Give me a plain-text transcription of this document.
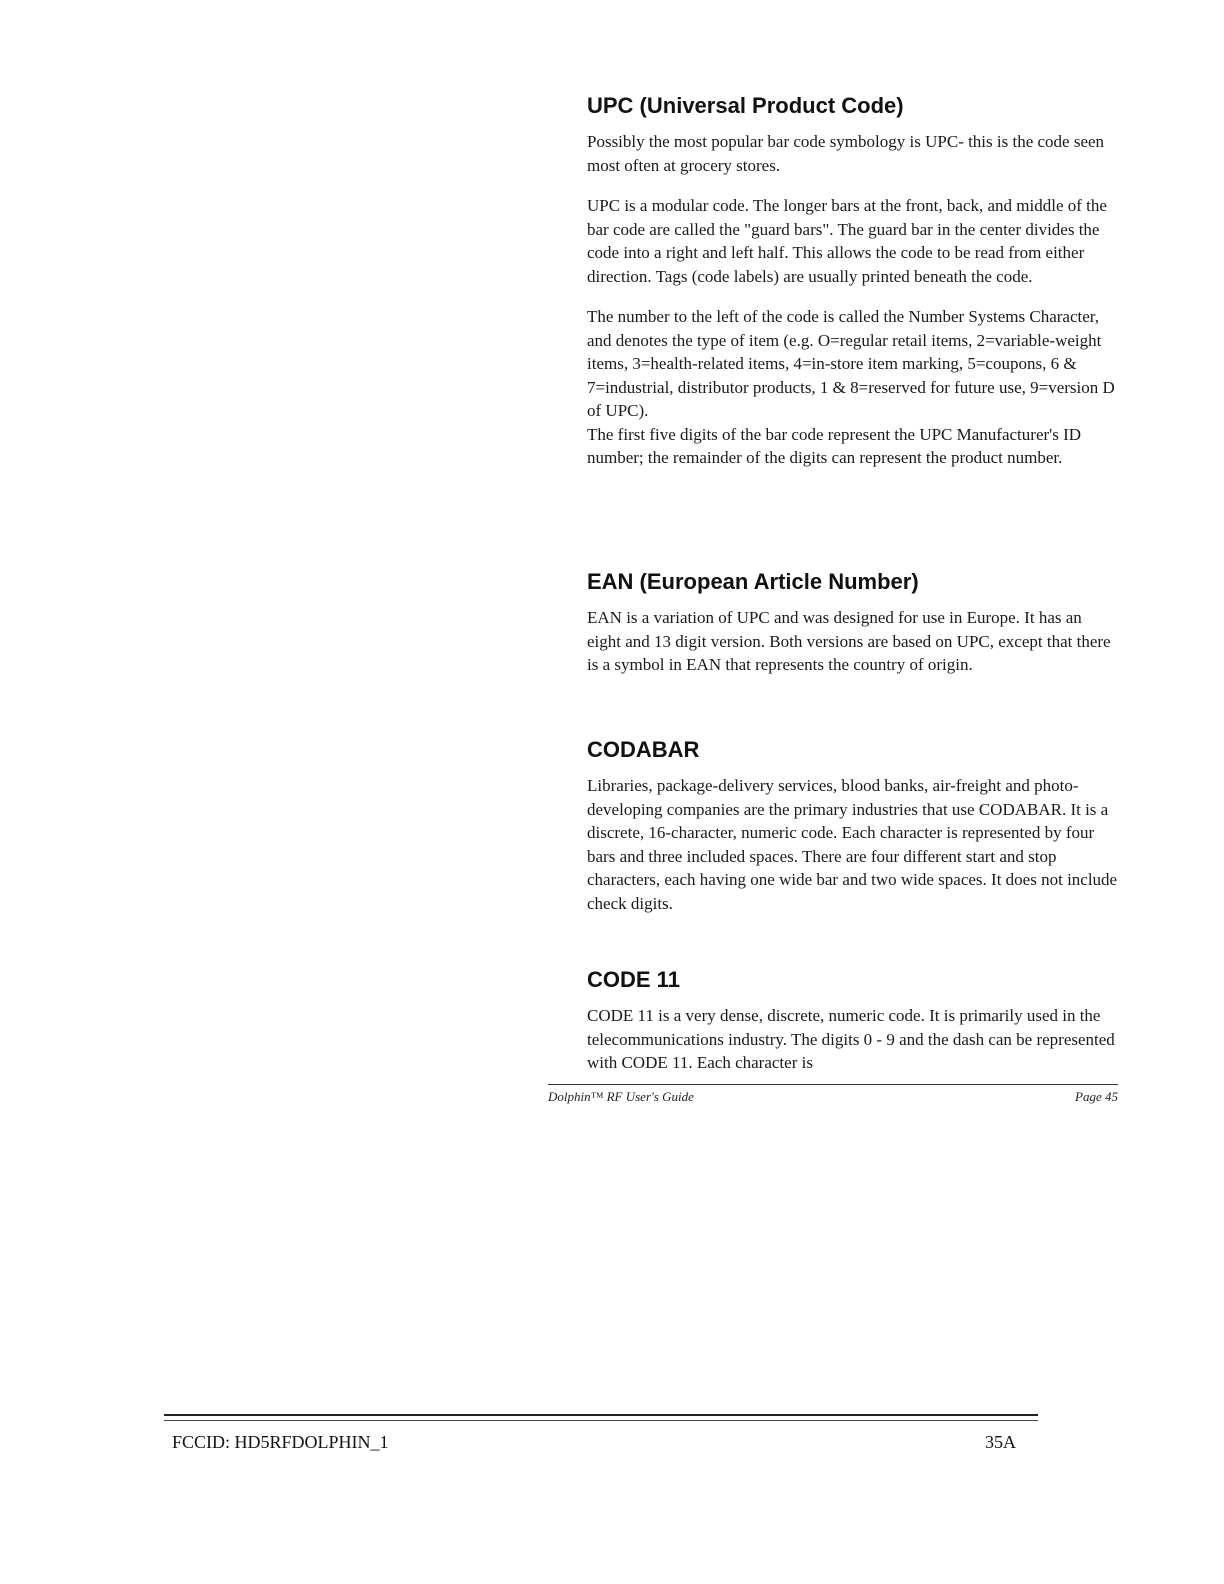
UPC (Universal Product Code)

Possibly the most popular bar code symbology is UPC- this is the code seen most often at grocery stores.

UPC is a modular code. The longer bars at the front, back, and middle of the bar code are called the "guard bars". The guard bar in the center divides the code into a right and left half. This allows the code to be read from either direction. Tags (code labels) are usually printed beneath the code.

The number to the left of the code is called the Number Systems Character, and denotes the type of item (e.g. O=regular retail items, 2=variable-weight items, 3=health-related items, 4=in-store item marking, 5=coupons, 6 & 7=industrial, distributor products, 1 & 8=reserved for future use, 9=version D of UPC).

The first five digits of the bar code represent the UPC Manufacturer's ID number; the remainder of the digits can represent the product number.

EAN (European Article Number)

EAN is a variation of UPC and was designed for use in Europe. It has an eight and 13 digit version. Both versions are based on UPC, except that there is a symbol in EAN that represents the country of origin.

CODABAR

Libraries, package-delivery services, blood banks, air-freight and photo-developing companies are the primary industries that use CODABAR. It is a discrete, 16-character, numeric code. Each character is represented by four bars and three included spaces. There are four different start and stop characters, each having one wide bar and two wide spaces. It does not include check digits.

CODE 11

CODE 11 is a very dense, discrete, numeric code. It is primarily used in the telecommunications industry. The digits 0 - 9 and the dash can be represented with CODE 11. Each character is

Dolphin™ RF User's Guide	Page 45
FCCID: HD5RFDOLPHIN_1	35A
